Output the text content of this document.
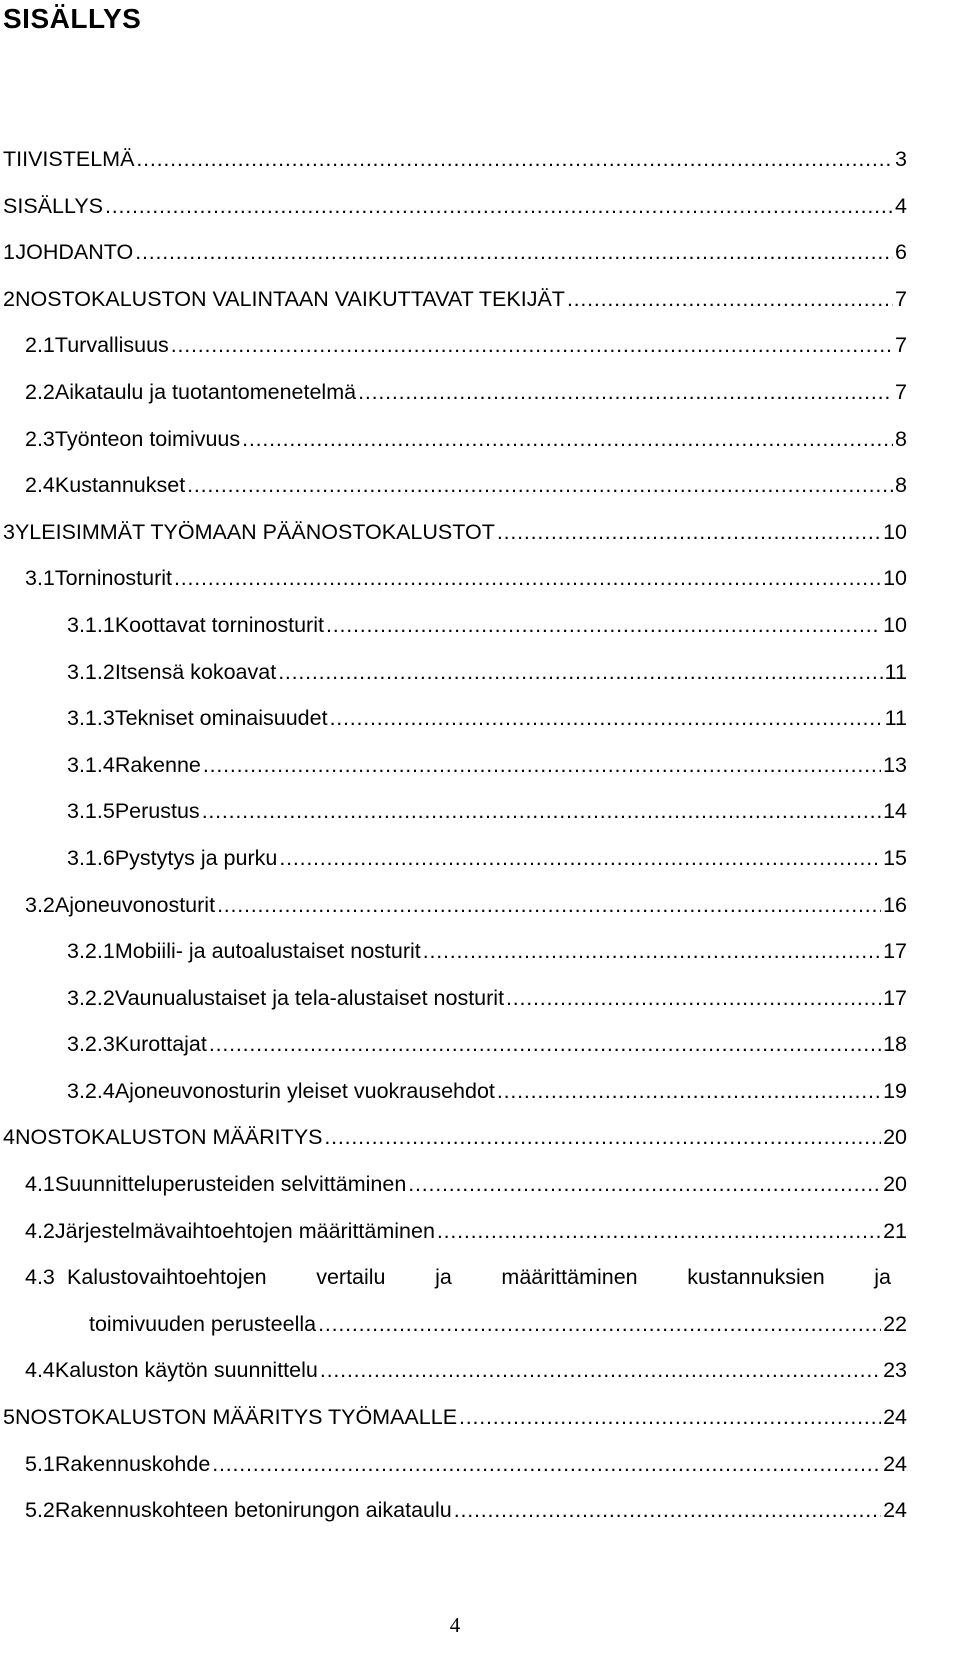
SISÄLLYS
TIIVISTELMÄ . . .	3
SISÄLLYS . . .	4
1 JOHDANTO . . .	6
2 NOSTOKALUSTON VALINTAAN VAIKUTTAVAT TEKIJÄT . . .	7
2.1 Turvallisuus . . .	7
2.2 Aikataulu ja tuotantomenetelmä . . .	7
2.3 Työnteon toimivuus . . .	8
2.4 Kustannukset . . .	8
3 YLEISIMMÄT TYÖMAAN PÄÄNOSTOKALUSTOT . . .	10
3.1 Torninosturit . . .	10
3.1.1 Koottavat torninosturit . . .	10
3.1.2 Itsensä kokoavat . . .	11
3.1.3 Tekniset ominaisuudet . . .	11
3.1.4 Rakenne . . .	13
3.1.5 Perustus . . .	14
3.1.6 Pystytys ja purku . . .	15
3.2 Ajoneuvonosturit . . .	16
3.2.1 Mobiili- ja autoalustaiset nosturit . . .	17
3.2.2 Vaunualustaiset ja tela-alustaiset nosturit . . .	17
3.2.3 Kurottajat . . .	18
3.2.4 Ajoneuvonosturin yleiset vuokrausehdot . . .	19
4 NOSTOKALUSTON MÄÄRITYS . . .	20
4.1 Suunnitteluperusteiden selvittäminen . . .	20
4.2 Järjestelmävaihtoehtojen määrittäminen . . .	21
4.3 Kalustovaihtoehtojen vertailu ja määrittäminen kustannuksien ja
toimivuuden perusteella . . .	22
4.4 Kaluston käytön suunnittelu . . .	23
5 NOSTOKALUSTON MÄÄRITYS TYÖMAALLE . . .	24
5.1 Rakennuskohde . . .	24
5.2 Rakennuskohteen betonirungon aikataulu . . .	24
4
